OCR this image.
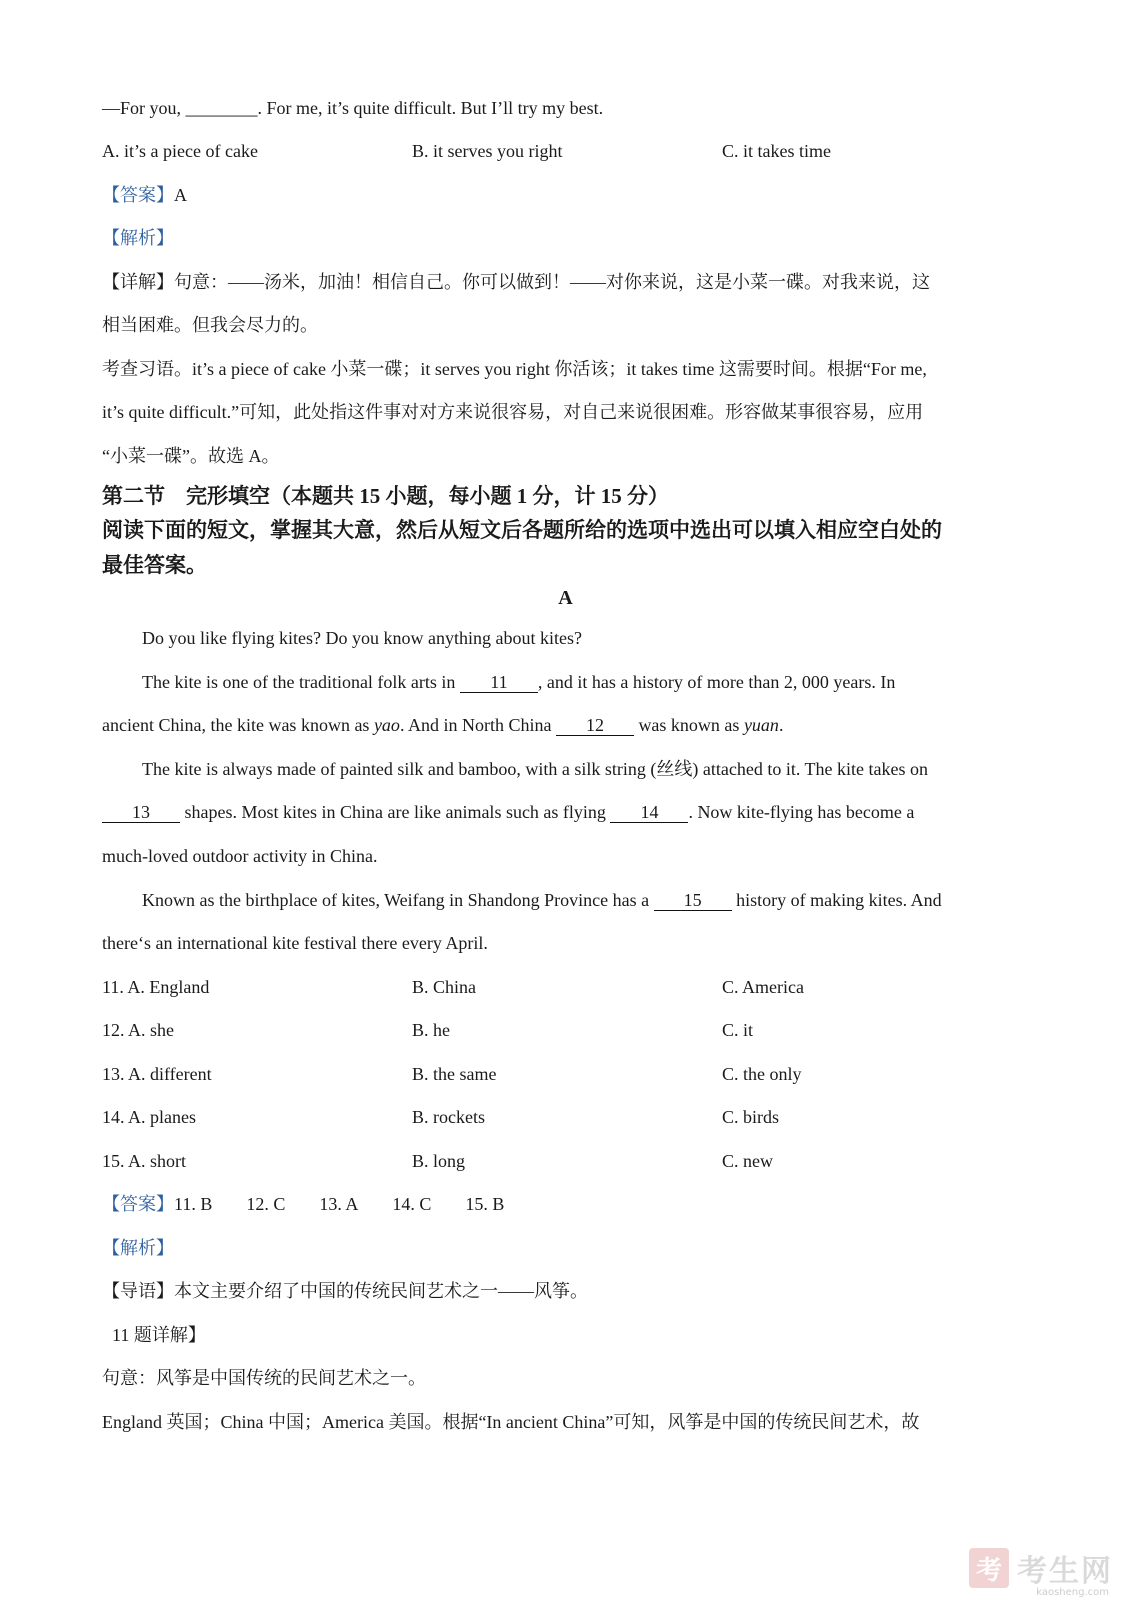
—For you, ________. For me, it’s quite difficult. But I’ll try my best.
A. it’s a piece of cake	B. it serves you right	C. it takes time
【答案】A
【解析】
【详解】句意：——汤米，加油！相信自己。你可以做到！——对你来说，这是小菜一碟。对我来说，这
相当困难。但我会尽力的。
考查习语。it’s a piece of cake 小菜一碟；it serves you right 你活该；it takes time 这需要时间。根据“For me,
it’s quite difficult.”可知，此处指这件事对对方来说很容易，对自己来说很困难。形容做某事很容易，应用
“小菜一碟”。故选 A。
第二节　完形填空（本题共 15 小题，每小题 1 分，计 15 分）
阅读下面的短文，掌握其大意，然后从短文后各题所给的选项中选出可以填入相应空白处的
最佳答案。
A
Do you like flying kites? Do you know anything about kites?
The kite is one of the traditional folk arts in 11 , and it has a history of more than 2, 000 years. In
ancient China, the kite was known as yao. And in North China 12 was known as yuan.
The kite is always made of painted silk and bamboo, with a silk string (丝线) attached to it. The kite takes on
13 shapes. Most kites in China are like animals such as flying 14 . Now kite-flying has become a
much-loved outdoor activity in China.
Known as the birthplace of kites, Weifang in Shandong Province has a 15 history of making kites. And
there‘s an international kite festival there every April.
11. A. England	B. China	C. America
12. A. she	B. he	C. it
13. A. different	B. the same	C. the only
14. A. planes	B. rockets	C. birds
15. A. short	B. long	C. new
【答案】11. B 12. C 13. A 14. C 15. B
【解析】
【导语】本文主要介绍了中国的传统民间艺术之一——风筝。
11 题详解】
句意：风筝是中国传统的民间艺术之一。
England 英国；China 中国；America 美国。根据“In ancient China”可知，风筝是中国的传统民间艺术，故
考 考生网
kaosheng.com
